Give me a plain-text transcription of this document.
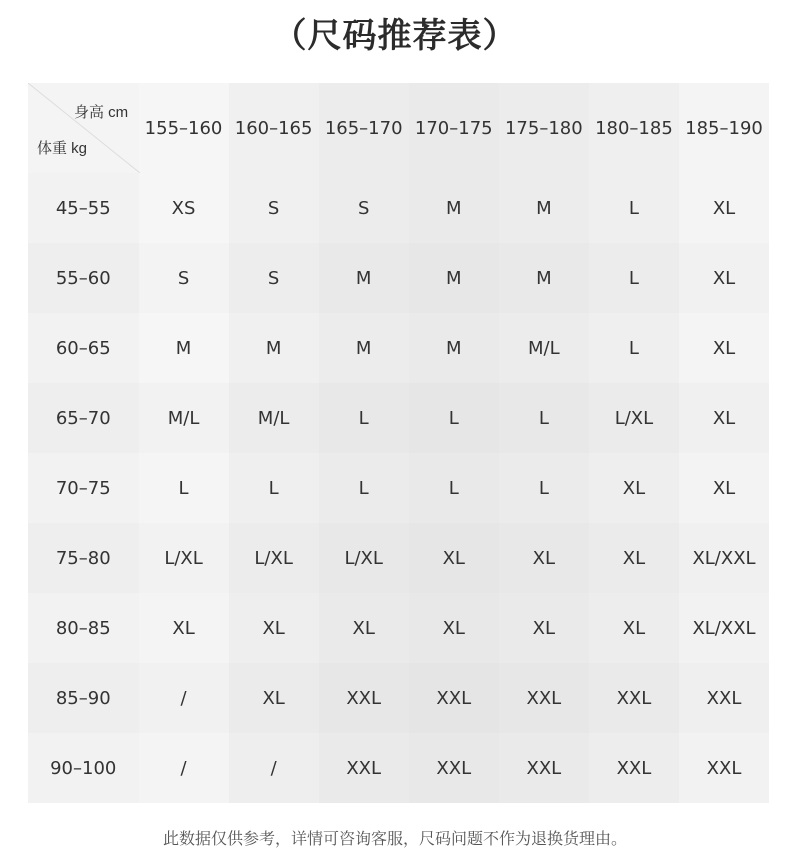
（尺码推荐表）
身高 cm
体重 kg
155–160 160–165 165–170 170–175 175–180 180–185 185–190
45–55	XS	S	S	M	M	L	XL
55–60	S	S	M	M	M	L	XL
60–65	M	M	M	M	M/L	L	XL
65–70	M/L	M/L	L	L	L	L/XL	XL
70–75	L	L	L	L	L	XL	XL
75–80	L/XL	L/XL	L/XL	XL	XL	XL	XL/XXL
80–85	XL	XL	XL	XL	XL	XL	XL/XXL
85–90	/	XL	XXL	XXL	XXL	XXL	XXL
90–100	/	/	XXL	XXL	XXL	XXL	XXL
此数据仅供参考，详情可咨询客服，尺码问题不作为退换货理由。
